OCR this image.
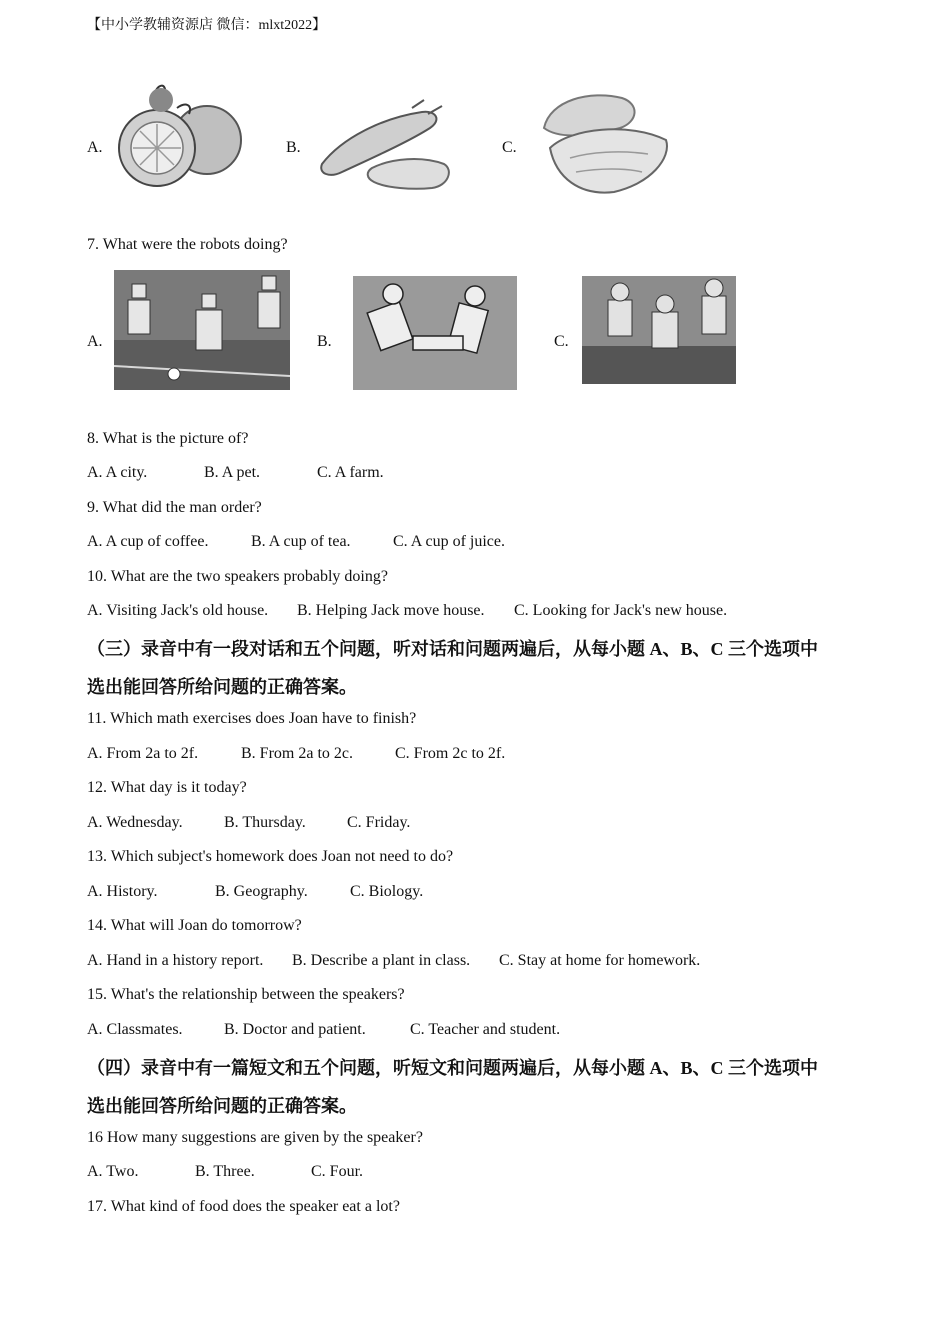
【中小学教辅资源店 微信：mlxt2022】
A.	B.	C.
7. What were the robots doing?
A.	B.	C.
8. What is the picture of?
A. A city.	B. A pet.	C. A farm.
9. What did the man order?
A. A cup of coffee.	B. A cup of tea.	C. A cup of juice.
10. What are the two speakers probably doing?
A. Visiting Jack's old house. B. Helping Jack move house. C. Looking for Jack's new house.
（三）录音中有一段对话和五个问题，听对话和问题两遍后，从每小题 A、B、C 三个选项中
选出能回答所给问题的正确答案。
11. Which math exercises does Joan have to finish?
A. From 2a to 2f.	B. From 2a to 2c.	C. From 2c to 2f.
12. What day is it today?
A. Wednesday.	B. Thursday.	C. Friday.
13. Which subject's homework does Joan not need to do?
A. History.	B. Geography.	C. Biology.
14. What will Joan do tomorrow?
A. Hand in a history report. B. Describe a plant in class. C. Stay at home for homework.
15. What's the relationship between the speakers?
A. Classmates.	B. Doctor and patient.	C. Teacher and student.
（四）录音中有一篇短文和五个问题，听短文和问题两遍后，从每小题 A、B、C 三个选项中
选出能回答所给问题的正确答案。
16 How many suggestions are given by the speaker?
A. Two.	B. Three.	C. Four.
17. What kind of food does the speaker eat a lot?
